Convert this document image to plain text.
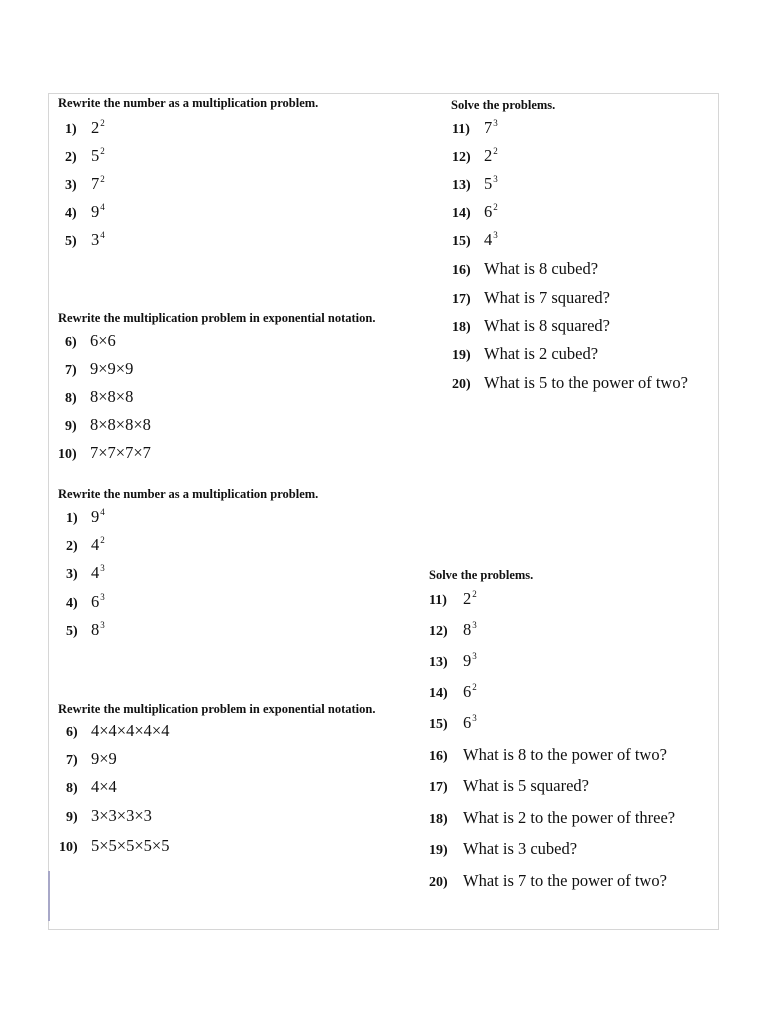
Rewrite the number as a multiplication problem.	Solve the problems.
1) $2^2$
2) $5^2$
3) $7^2$
4) $9^4$
5) $3^4$
Rewrite the multiplication problem in exponential notation.
6) 6×6
7) 9×9×9
8) 8×8×8
9) 8×8×8×8
10) 7×7×7×7
11) $7^3$
12) $2^2$
13) $5^3$
14) $6^2$
15) $4^3$
16) What is 8 cubed?
17) What is 7 squared?
18) What is 8 squared?
19) What is 2 cubed?
20) What is 5 to the power of two?
Rewrite the number as a multiplication problem.
1) $9^4$
2) $4^2$
3) $4^3$
4) $6^3$
5) $8^3$
Rewrite the multiplication problem in exponential notation.
6) 4×4×4×4×4
7) 9×9
8) 4×4
9) 3×3×3×3
10) 5×5×5×5×5
Solve the problems.
11) $2^2$
12) $8^3$
13) $9^3$
14) $6^2$
15) $6^3$
16) What is 8 to the power of two?
17) What is 5 squared?
18) What is 2 to the power of three?
19) What is 3 cubed?
20) What is 7 to the power of two?
